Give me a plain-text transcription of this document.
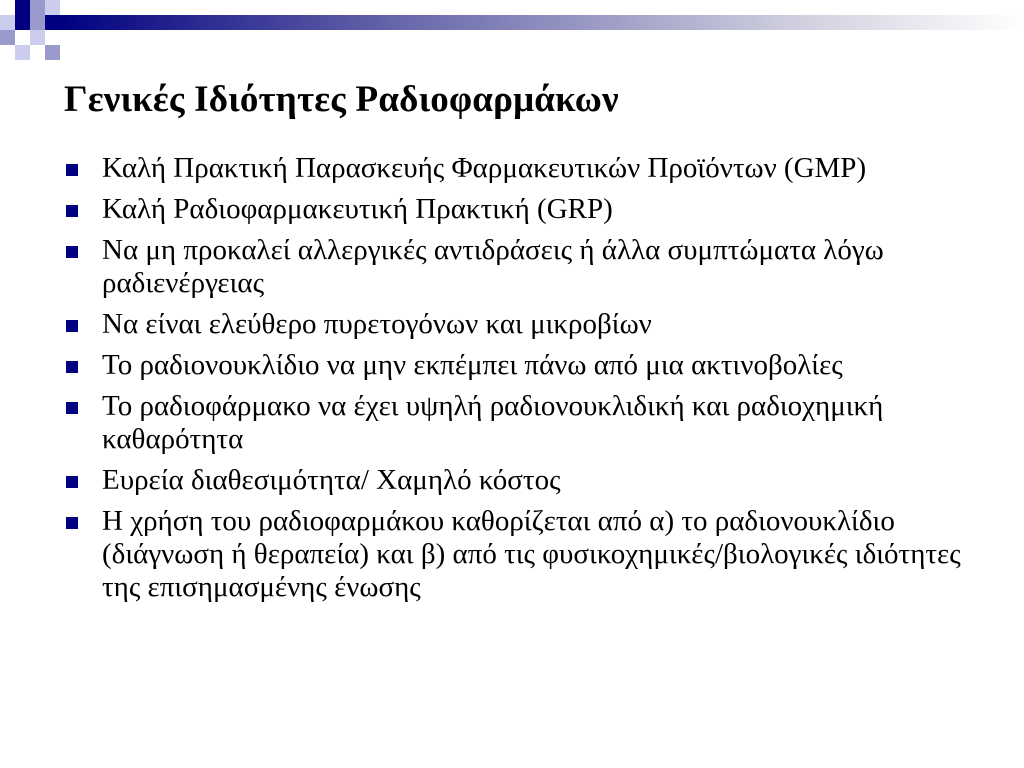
Γενικές Ιδιότητες Ραδιοφαρμάκων
Καλή Πρακτική Παρασκευής Φαρμακευτικών Προϊόντων (GMP)
Καλή Ραδιοφαρμακευτική Πρακτική (GRP)
Να μη προκαλεί αλλεργικές αντιδράσεις ή άλλα συμπτώματα λόγω ραδιενέργειας
Να είναι ελεύθερο πυρετογόνων και μικροβίων
Το ραδιονουκλίδιο να μην εκπέμπει πάνω από μια ακτινοβολίες
Το ραδιοφάρμακο να έχει υψηλή ραδιονουκλιδική και ραδιοχημική καθαρότητα
Ευρεία διαθεσιμότητα/ Χαμηλό κόστος
Η χρήση του ραδιοφαρμάκου καθορίζεται από α) το ραδιονουκλίδιο (διάγνωση ή θεραπεία) και β) από τις φυσικοχημικές/βιολογικές ιδιότητες της επισημασμένης ένωσης
